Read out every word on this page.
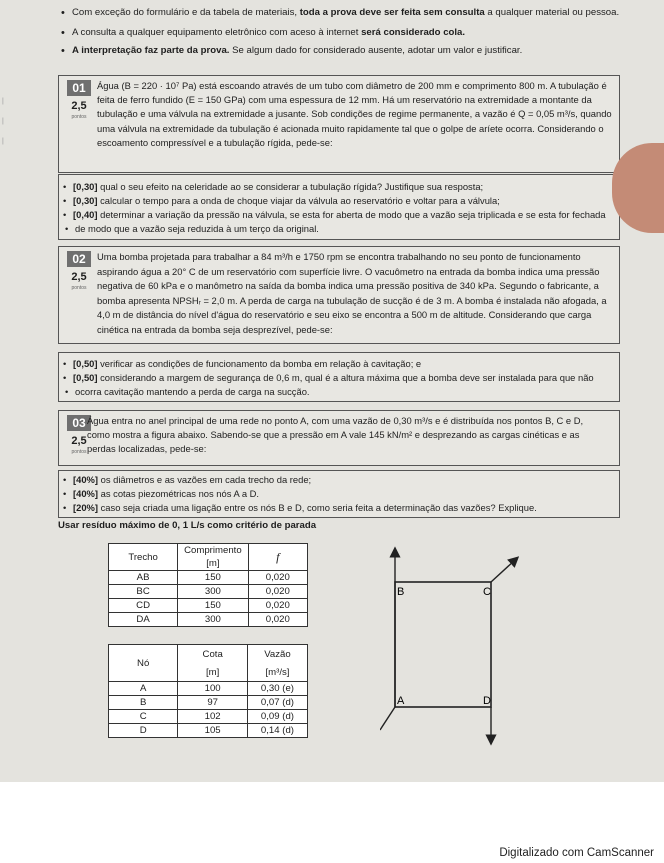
• Com exceção do formulário e da tabela de materiais, toda a prova deve ser feita sem consulta a qualquer material ou pessoa.
• A consulta a qualquer equipamento eletrônico com aceso à internet será considerado cola.
• A interpretação faz parte da prova. Se algum dado for considerado ausente, adotar um valor e justificar.
|
|
|
01
2,5
pontos
Água (B = 220 · 10⁷ Pa) está escoando através de um tubo com diâmetro de 200 mm e comprimento 800 m. A tubulação é
feita de ferro fundido (E = 150 GPa) com uma espessura de 12 mm. Há um reservatório na extremidade a montante da
tubulação e uma válvula na extremidade a jusante. Sob condições de regime permanente, a vazão é Q = 0,05 m³/s, quando
uma válvula na extremidade da tubulação é acionada muito rapidamente tal que o golpe de aríete ocorra. Considerando o
escoamento compressível e a tubulação rígida, pede-se:
• [0,30] qual o seu efeito na celeridade ao se considerar a tubulação rígida? Justifique sua resposta;
• [0,30] calcular o tempo para a onda de choque viajar da válvula ao reservatório e voltar para a válvula;
• [0,40] determinar a variação da pressão na válvula, se esta for aberta de modo que a vazão seja triplicada e se esta for fechada
• de modo que a vazão seja reduzida à um terço da original.
02
2,5
pontos
Uma bomba projetada para trabalhar a 84 m³/h e 1750 rpm se encontra trabalhando no seu ponto de funcionamento
aspirando água a 20° C de um reservatório com superfície livre. O vacuômetro na entrada da bomba indica uma pressão
negativa de 60 kPa e o manômetro na saída da bomba indica uma pressão positiva de 340 kPa. Segundo o fabricante, a
bomba apresenta NPSHᵣ = 2,0 m. A perda de carga na tubulação de sucção é de 3 m. A bomba é instalada não afogada, a
4,0 m de distância do nível d'água do reservatório e seu eixo se encontra a 500 m de altitude. Considerando que carga
cinética na entrada da bomba seja desprezível, pede-se:
• [0,50] verificar as condições de funcionamento da bomba em relação à cavitação; e
• [0,50] considerando a margem de segurança de 0,6 m, qual é a altura máxima que a bomba deve ser instalada para que não
• ocorra cavitação mantendo a perda de carga na sucção.
03
2,5
pontos
Água entra no anel principal de uma rede no ponto A, com uma vazão de 0,30 m³/s e é distribuída nos pontos B, C e D,
como mostra a figura abaixo. Sabendo-se que a pressão em A vale 145 kN/m² e desprezando as cargas cinéticas e as
perdas localizadas, pede-se:
• [40%] os diâmetros e as vazões em cada trecho da rede;
• [40%] as cotas piezométricas nos nós A a D.
• [20%] caso seja criada uma ligação entre os nós B e D, como seria feita a determinação das vazões? Explique.
Usar resíduo máximo de 0, 1 L/s como critério de parada
Trecho	Comprimento	f
	[m]	
AB	150	0,020
BC	300	0,020
CD	150	0,020
DA	300	0,020
Nó	Cota	Vazão
	[m]	[m³/s]
A	100	0,30 (e)
B	97	0,07 (d)
C	102	0,09 (d)
D	105	0,14 (d)
B	C
A	D
Digitalizado com CamScanner
